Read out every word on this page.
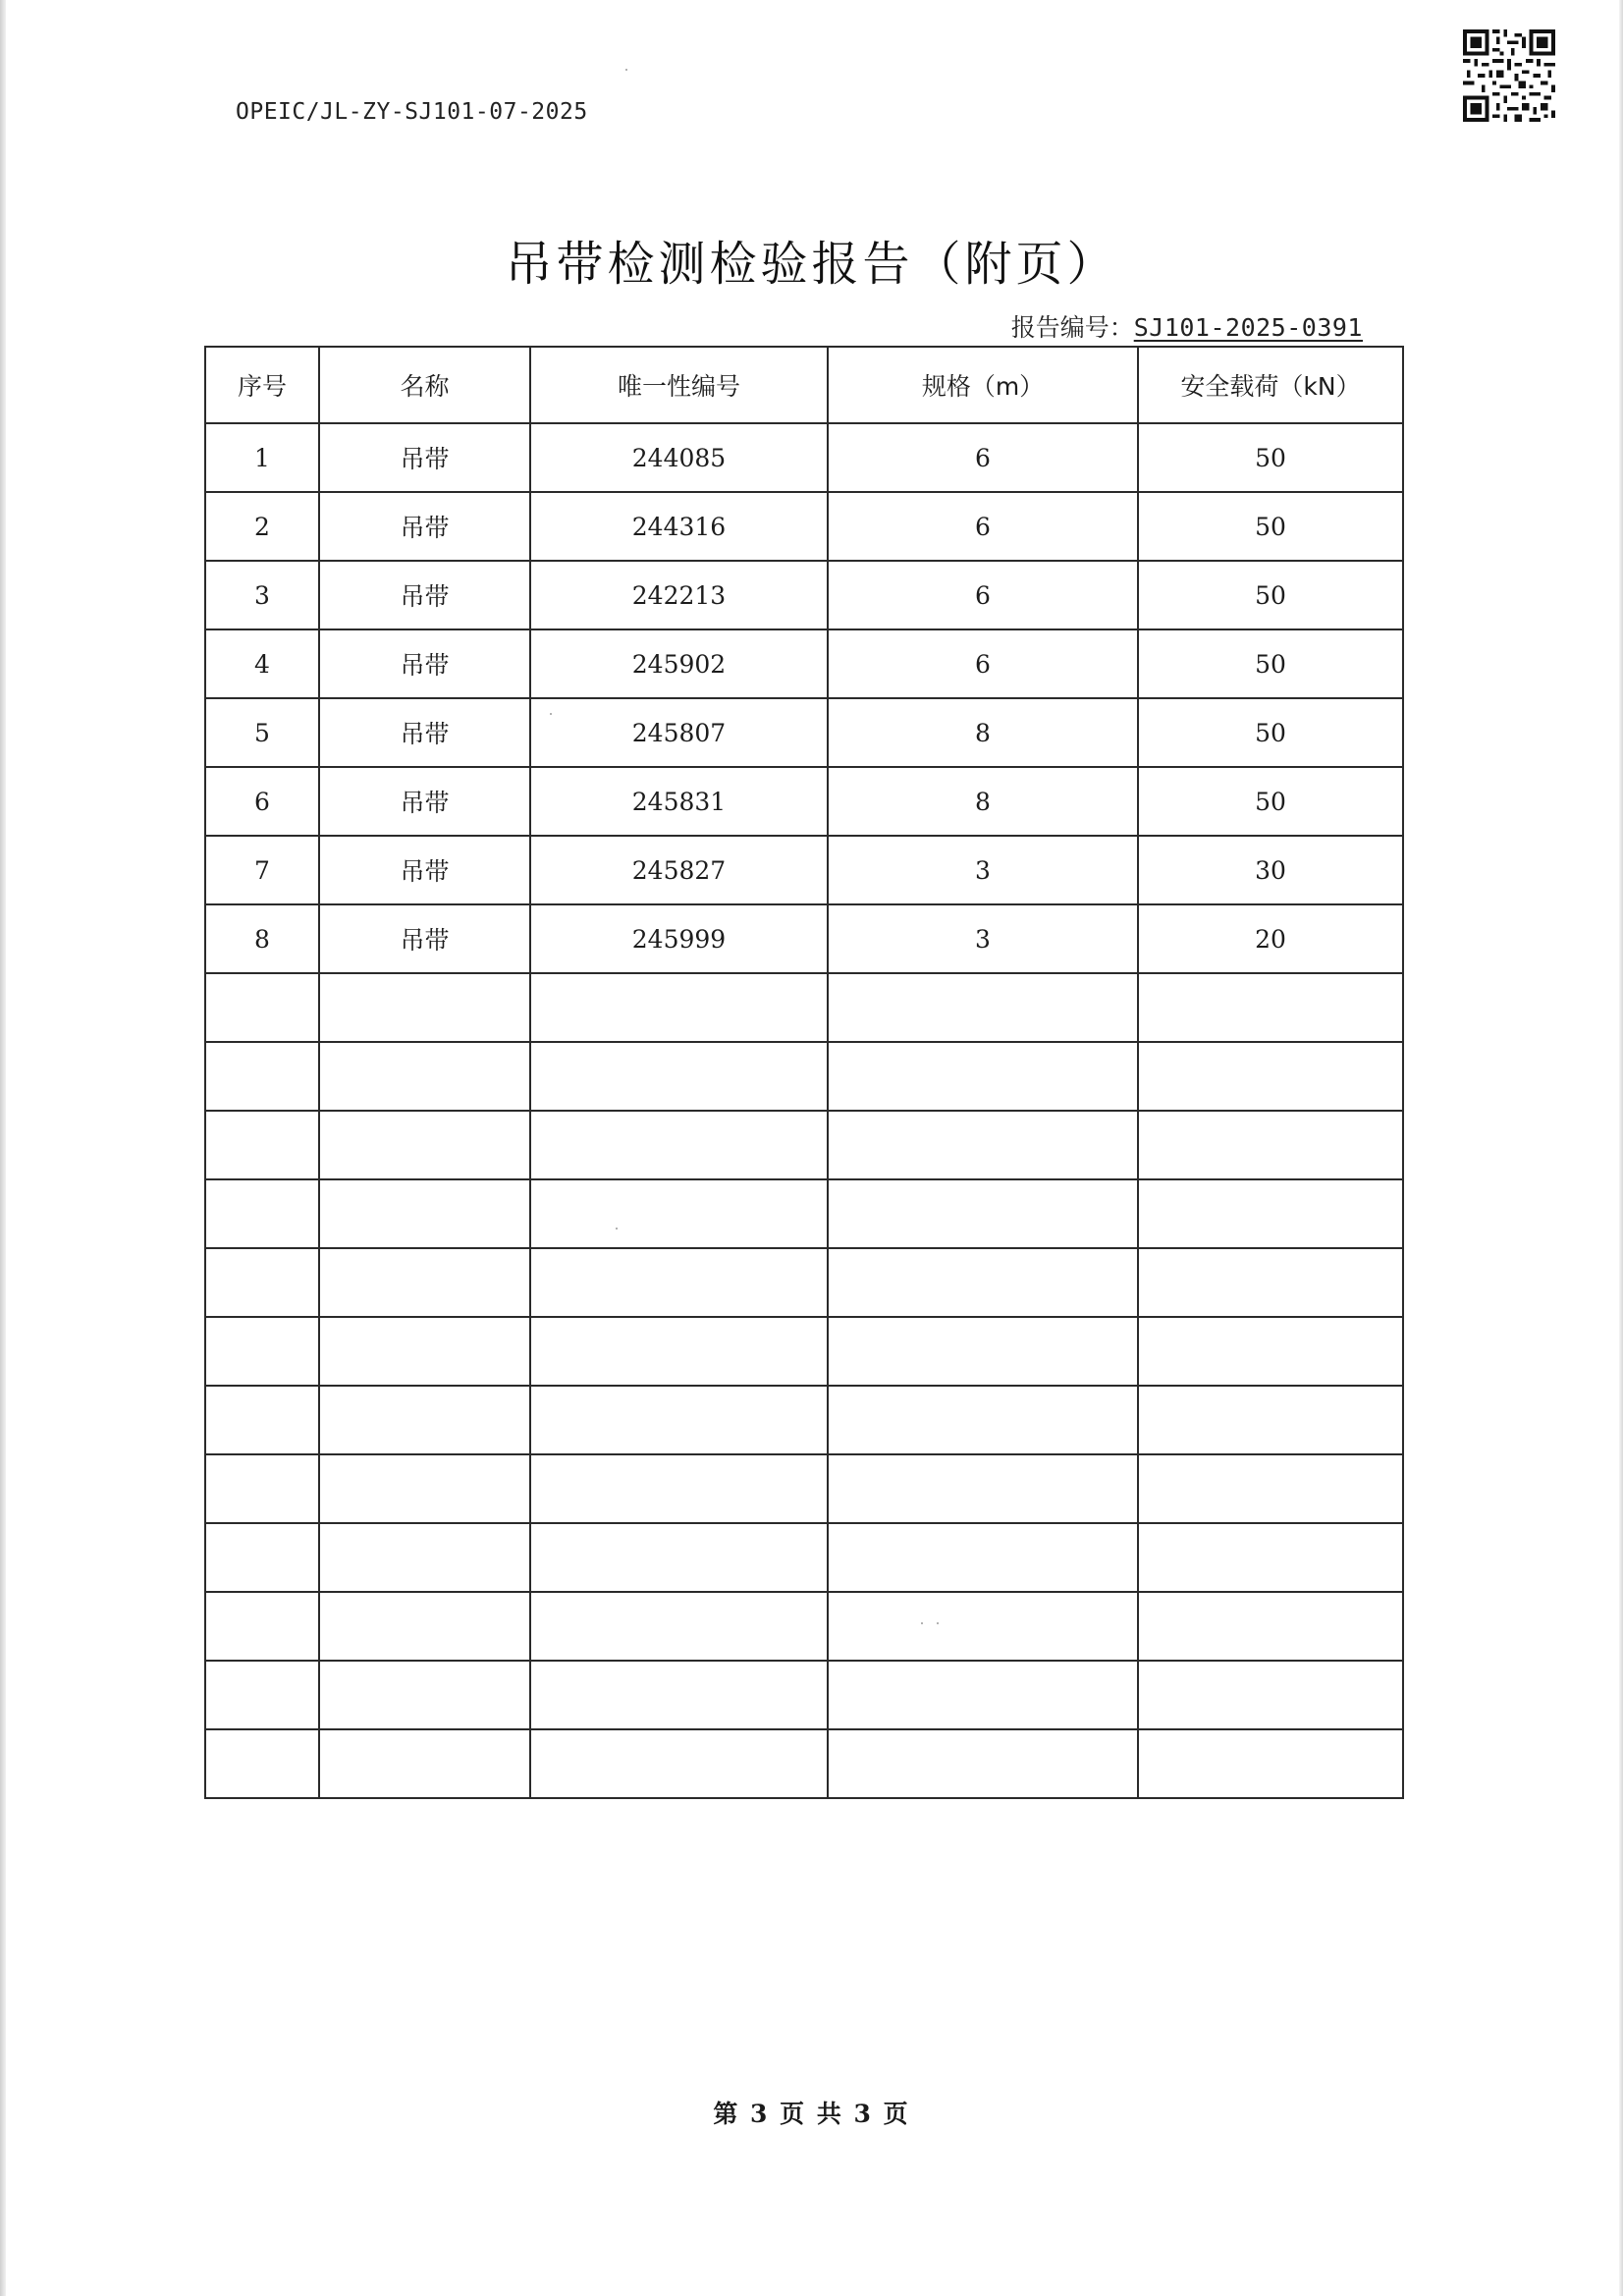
OPEIC/JL-ZY-SJ101-07-2025
吊带检测检验报告（附页）
报告编号：SJ101-2025-0391
序号	名称	唯一性编号	规格（m）	安全载荷（kN）
1	吊带	244085	6	50
2	吊带	244316	6	50
3	吊带	242213	6	50
4	吊带	245902	6	50
5	吊带	245807	8	50
6	吊带	245831	8	50
7	吊带	245827	3	30
8	吊带	245999	3	20

第 3 页 共 3 页
